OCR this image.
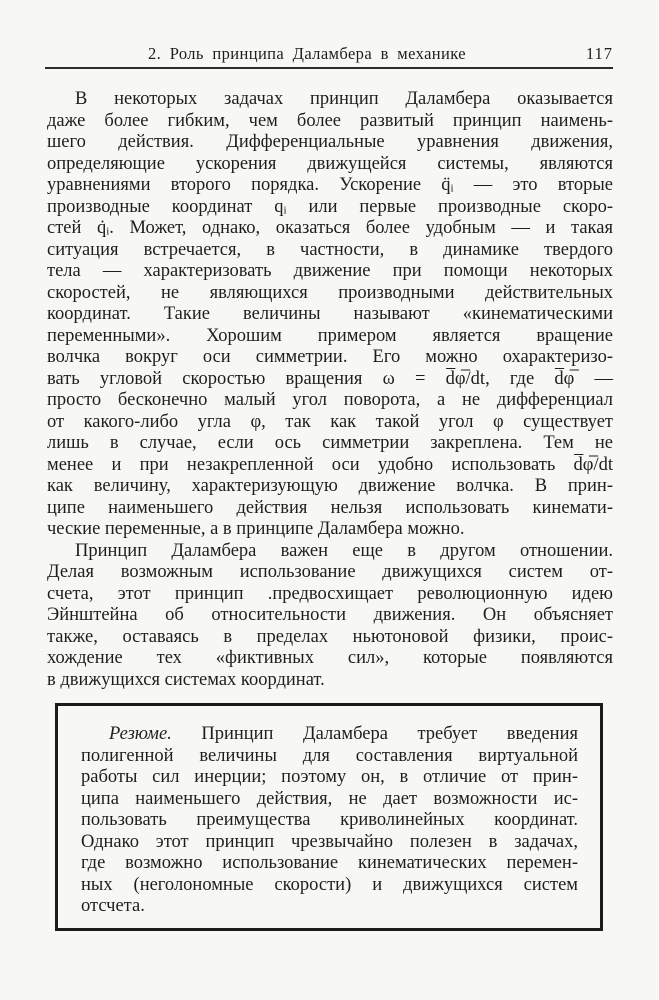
2. Роль принципа Даламбера в механике	117
В некоторых задачах принцип Даламбера оказывается
даже более гибким, чем более развитый принцип наимень-
шего действия. Дифференциальные уравнения движения,
определяющие ускорения движущейся системы, являются
уравнениями второго порядка. Ускорение q̈ᵢ — это вторые
производные координат qᵢ или первые производные скоро-
стей q̇ᵢ. Может, однако, оказаться более удобным — и такая
ситуация встречается, в частности, в динамике твердого
тела — характеризовать движение при помощи некоторых
скоростей, не являющихся производными действительных
координат. Такие величины называют «кинематическими
переменными». Хорошим примером является вращение
волчка вокруг оси симметрии. Его можно охарактеризо-
вать угловой скоростью вращения ω = d̅φ̅/dt, где d̅φ̅ —
просто бесконечно малый угол поворота, а не дифференциал
от какого-либо угла φ, так как такой угол φ существует
лишь в случае, если ось симметрии закреплена. Тем не
менее и при незакрепленной оси удобно использовать d̅φ̅/dt
как величину, характеризующую движение волчка. В прин-
ципе наименьшего действия нельзя использовать кинемати-
ческие переменные, а в принципе Даламбера можно.
Принцип Даламбера важен еще в другом отношении.
Делая возможным использование движущихся систем от-
счета, этот принцип .предвосхищает революционную идею
Эйнштейна об относительности движения. Он объясняет
также, оставаясь в пределах ньютоновой физики, проис-
хождение тех «фиктивных сил», которые появляются
в движущихся системах координат.
Резюме. Принцип Даламбера требует введения
полигенной величины для составления виртуальной
работы сил инерции; поэтому он, в отличие от прин-
ципа наименьшего действия, не дает возможности ис-
пользовать преимущества криволинейных координат.
Однако этот принцип чрезвычайно полезен в задачах,
где возможно использование кинематических перемен-
ных (неголономные скорости) и движущихся систем
отсчета.
